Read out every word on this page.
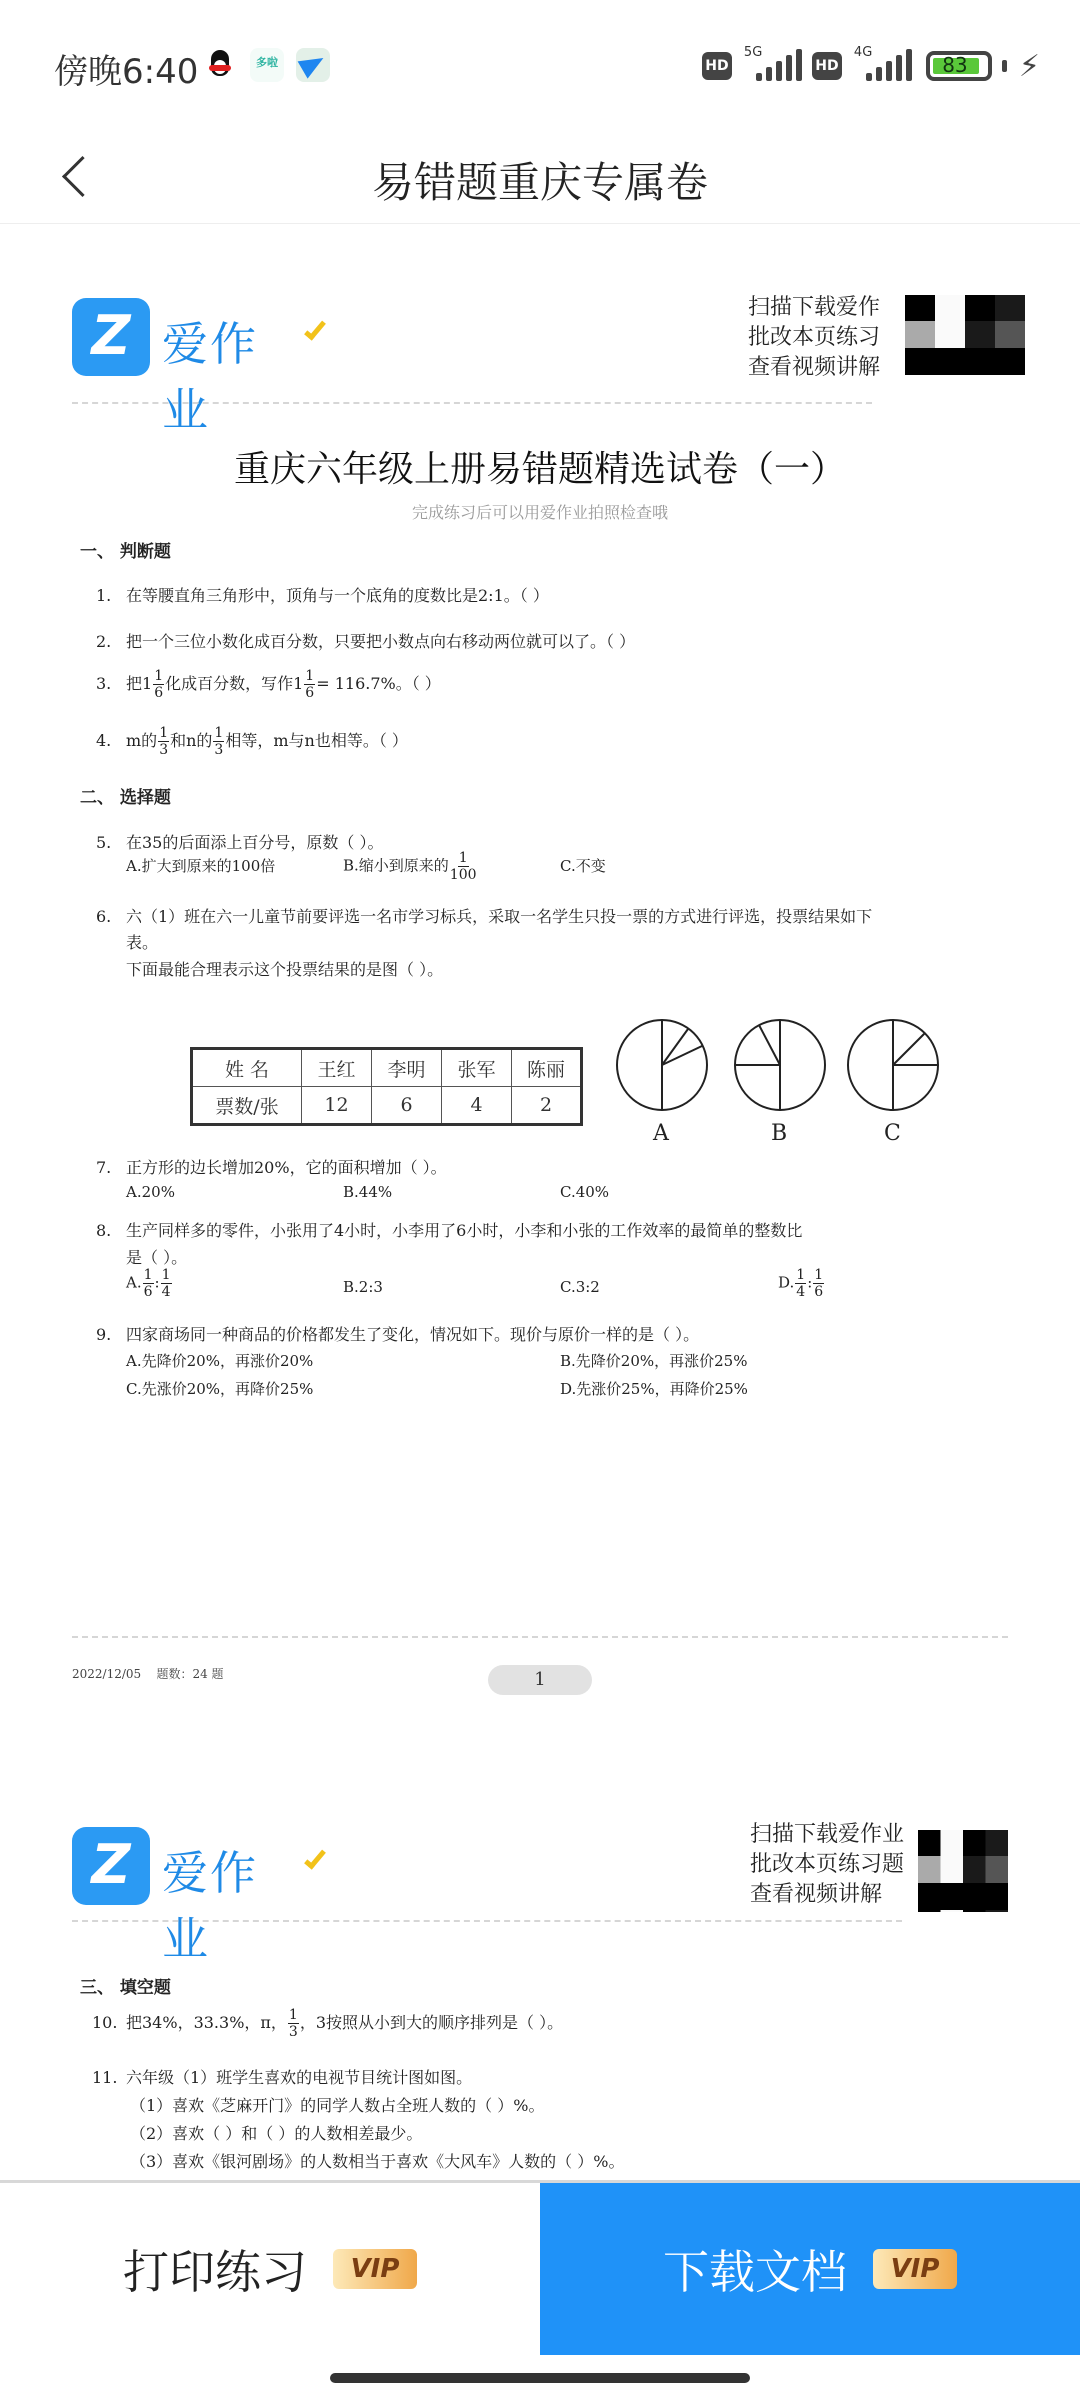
傍晚6:40	多啦	HD
5G
HD
4G
83	⚡
易错题重庆专属卷
Z 爱作业
扫描下载爱作
批改本页练习
查看视频讲解
重庆六年级上册易错题精选试卷（一）
完成练习后可以用爱作业拍照检查哦
一、 判断题
1. 在等腰直角三角形中，顶角与一个底角的度数比是2:1。（ ）
2. 把一个三位小数化成百分数，只要把小数点向右移动两位就可以了。（ ）
3. 把$1 \frac{1}{6}$ 化成百分数，写作$1 \frac{1}{6} = 116.7\%$。（ ）
4. m的 $\frac{1}{3}$ 和n的 $\frac{1}{3}$ 相等，m与n也相等。（ ）
二、 选择题
5. 在35的后面添上百分号，原数（ ）。
A.扩大到原来的100倍	B.缩小到原来的 $\frac{1}{100}$	C.不变
6. 六（1）班在六一儿童节前要评选一名市学习标兵，采取一名学生只投一票的方式进行评选，投票结果如下
表。
下面最能合理表示这个投票结果的是图（ ）。
姓 名	王红	李明	张军	陈丽
票数/张	12	6	4	2
A	B	C
7. 正方形的边长增加20%，它的面积增加（ ）。
A.20%	B.44%	C.40%
8. 生产同样多的零件，小张用了4小时，小李用了6小时，小李和小张的工作效率的最简单的整数比
是（ ）。
A. $\frac{1}{6}$ : $\frac{1}{4}$	B.2:3	C.3:2	D. $\frac{1}{4}$ : $\frac{1}{6}$
9. 四家商场同一种商品的价格都发生了变化，情况如下。现价与原价一样的是（ ）。
A.先降价20%，再涨价20%	B.先降价20%，再涨价25%
C.先涨价20%，再降价25%	D.先涨价25%，再降价25%
2022/12/05 题数：24 题	1
Z 爱作业
扫描下载爱作业
批改本页练习题
查看视频讲解
三、 填空题
10. 把34%，33.3%，π， $\frac{1}{3}$ ，3按照从小到大的顺序排列是（ ）。
11. 六年级（1）班学生喜欢的电视节目统计图如图。
（1）喜欢《芝麻开门》的同学人数占全班人数的（ ）%。
（2）喜欢（ ）和（ ）的人数相差最少。
（3）喜欢《银河剧场》的人数相当于喜欢《大风车》人数的（ ）%。
打印练习	VIP	下载文档	VIP
